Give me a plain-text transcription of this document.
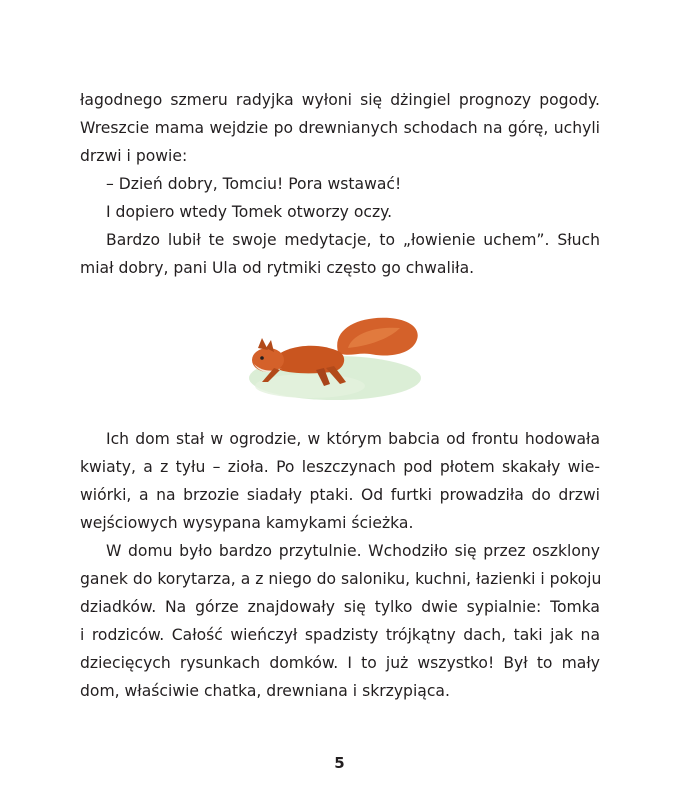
łagodnego szmeru radyjka wyłoni się dżingiel prognozy pogody.
Wreszcie mama wejdzie po drewnianych schodach na górę, uchyli
drzwi i powie:
– Dzień dobry, Tomciu! Pora wstawać!
I dopiero wtedy Tomek otworzy oczy.
Bardzo lubił te swoje medytacje, to „łowienie uchem”. Słuch
miał dobry, pani Ula od rytmiki często go chwaliła.
Ich dom stał w ogrodzie, w którym babcia od frontu hodowała
kwiaty, a z tyłu – zioła. Po leszczynach pod płotem skakały wie-
wiórki, a na brzozie siadały ptaki. Od furtki prowadziła do drzwi
wejściowych wysypana kamykami ścieżka.
W domu było bardzo przytulnie. Wchodziło się przez oszklony
ganek do korytarza, a z niego do saloniku, kuchni, łazienki i pokoju
dziadków. Na górze znajdowały się tylko dwie sypialnie: Tomka
i rodziców. Całość wieńczył spadzisty trójkątny dach, taki jak na
dziecięcych rysunkach domków. I to już wszystko! Był to mały
dom, właściwie chatka, drewniana i skrzypiąca.
5
